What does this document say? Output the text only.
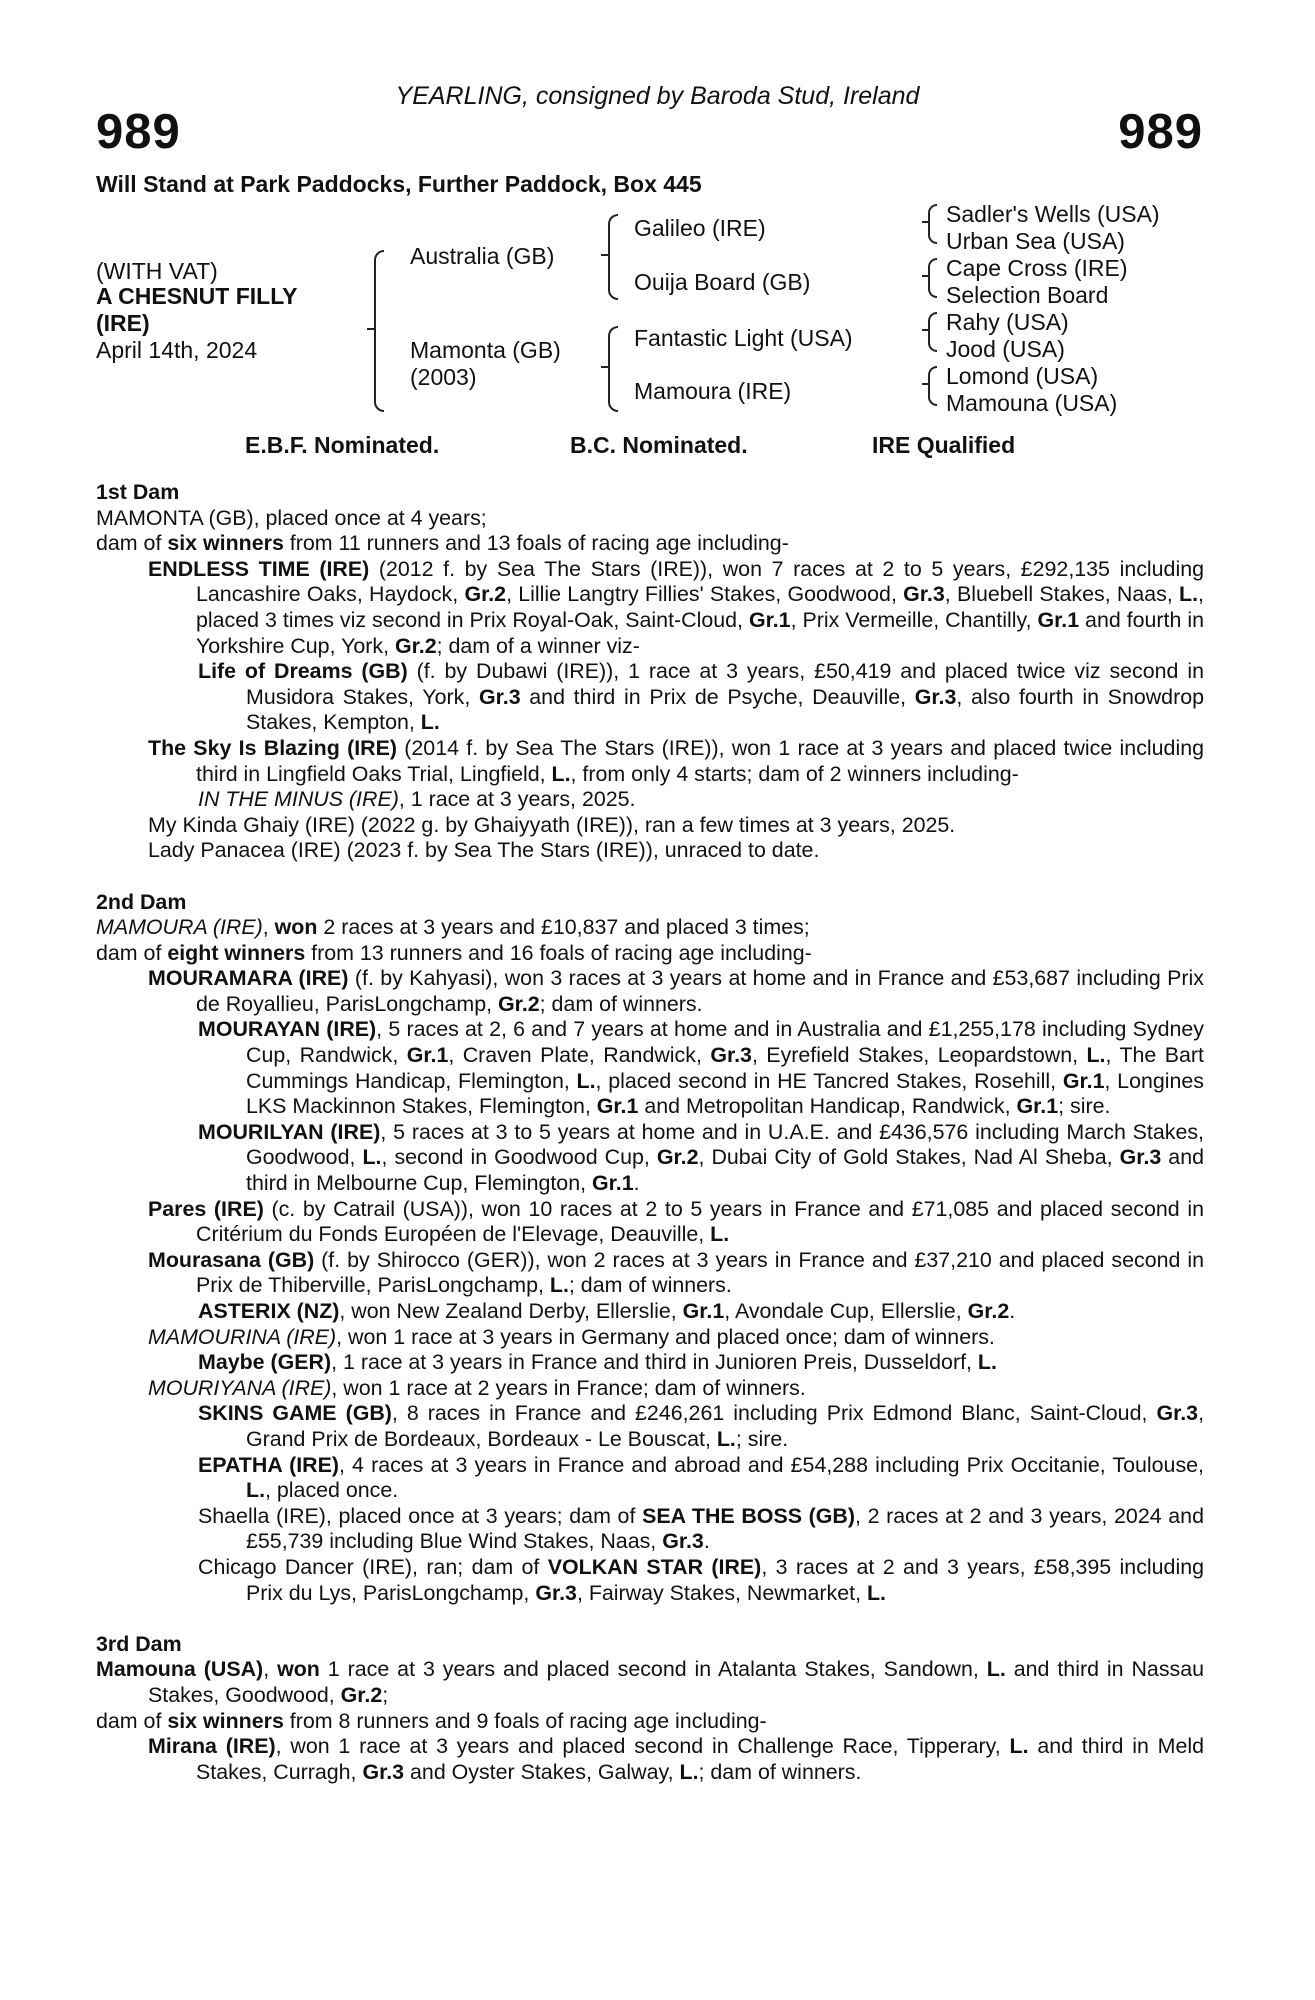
YEARLING, consigned by Baroda Stud, Ireland
989	989
Will Stand at Park Paddocks, Further Paddock, Box 445
(WITH VAT)
A CHESNUT FILLY
(IRE)
April 14th, 2024
Australia (GB)
Mamonta (GB)
(2003)
Galileo (IRE)
Ouija Board (GB)
Fantastic Light (USA)
Mamoura (IRE)
Sadler's Wells (USA)
Urban Sea (USA)
Cape Cross (IRE)
Selection Board
Rahy (USA)
Jood (USA)
Lomond (USA)
Mamouna (USA)
E.B.F. Nominated.	B.C. Nominated.	IRE Qualified
1st Dam
MAMONTA (GB), placed once at 4 years;
dam of six winners from 11 runners and 13 foals of racing age including-
ENDLESS TIME (IRE) (2012 f. by Sea The Stars (IRE)), won 7 races at 2 to 5 years, £292,135 including Lancashire Oaks, Haydock, Gr.2, Lillie Langtry Fillies' Stakes, Goodwood, Gr.3, Bluebell Stakes, Naas, L., placed 3 times viz second in Prix Royal-Oak, Saint-Cloud, Gr.1, Prix Vermeille, Chantilly, Gr.1 and fourth in Yorkshire Cup, York, Gr.2; dam of a winner viz-
Life of Dreams (GB) (f. by Dubawi (IRE)), 1 race at 3 years, £50,419 and placed twice viz second in Musidora Stakes, York, Gr.3 and third in Prix de Psyche, Deauville, Gr.3, also fourth in Snowdrop Stakes, Kempton, L.
The Sky Is Blazing (IRE) (2014 f. by Sea The Stars (IRE)), won 1 race at 3 years and placed twice including third in Lingfield Oaks Trial, Lingfield, L., from only 4 starts; dam of 2 winners including-
IN THE MINUS (IRE), 1 race at 3 years, 2025.
My Kinda Ghaiy (IRE) (2022 g. by Ghaiyyath (IRE)), ran a few times at 3 years, 2025.
Lady Panacea (IRE) (2023 f. by Sea The Stars (IRE)), unraced to date.
2nd Dam
MAMOURA (IRE), won 2 races at 3 years and £10,837 and placed 3 times;
dam of eight winners from 13 runners and 16 foals of racing age including-
MOURAMARA (IRE) (f. by Kahyasi), won 3 races at 3 years at home and in France and £53,687 including Prix de Royallieu, ParisLongchamp, Gr.2; dam of winners.
MOURAYAN (IRE), 5 races at 2, 6 and 7 years at home and in Australia and £1,255,178 including Sydney Cup, Randwick, Gr.1, Craven Plate, Randwick, Gr.3, Eyrefield Stakes, Leopardstown, L., The Bart Cummings Handicap, Flemington, L., placed second in HE Tancred Stakes, Rosehill, Gr.1, Longines LKS Mackinnon Stakes, Flemington, Gr.1 and Metropolitan Handicap, Randwick, Gr.1; sire.
MOURILYAN (IRE), 5 races at 3 to 5 years at home and in U.A.E. and £436,576 including March Stakes, Goodwood, L., second in Goodwood Cup, Gr.2, Dubai City of Gold Stakes, Nad Al Sheba, Gr.3 and third in Melbourne Cup, Flemington, Gr.1.
Pares (IRE) (c. by Catrail (USA)), won 10 races at 2 to 5 years in France and £71,085 and placed second in Critérium du Fonds Européen de l'Elevage, Deauville, L.
Mourasana (GB) (f. by Shirocco (GER)), won 2 races at 3 years in France and £37,210 and placed second in Prix de Thiberville, ParisLongchamp, L.; dam of winners.
ASTERIX (NZ), won New Zealand Derby, Ellerslie, Gr.1, Avondale Cup, Ellerslie, Gr.2.
MAMOURINA (IRE), won 1 race at 3 years in Germany and placed once; dam of winners.
Maybe (GER), 1 race at 3 years in France and third in Junioren Preis, Dusseldorf, L.
MOURIYANA (IRE), won 1 race at 2 years in France; dam of winners.
SKINS GAME (GB), 8 races in France and £246,261 including Prix Edmond Blanc, Saint-Cloud, Gr.3, Grand Prix de Bordeaux, Bordeaux - Le Bouscat, L.; sire.
EPATHA (IRE), 4 races at 3 years in France and abroad and £54,288 including Prix Occitanie, Toulouse, L., placed once.
Shaella (IRE), placed once at 3 years; dam of SEA THE BOSS (GB), 2 races at 2 and 3 years, 2024 and £55,739 including Blue Wind Stakes, Naas, Gr.3.
Chicago Dancer (IRE), ran; dam of VOLKAN STAR (IRE), 3 races at 2 and 3 years, £58,395 including Prix du Lys, ParisLongchamp, Gr.3, Fairway Stakes, Newmarket, L.
3rd Dam
Mamouna (USA), won 1 race at 3 years and placed second in Atalanta Stakes, Sandown, L. and third in Nassau Stakes, Goodwood, Gr.2;
dam of six winners from 8 runners and 9 foals of racing age including-
Mirana (IRE), won 1 race at 3 years and placed second in Challenge Race, Tipperary, L. and third in Meld Stakes, Curragh, Gr.3 and Oyster Stakes, Galway, L.; dam of winners.
